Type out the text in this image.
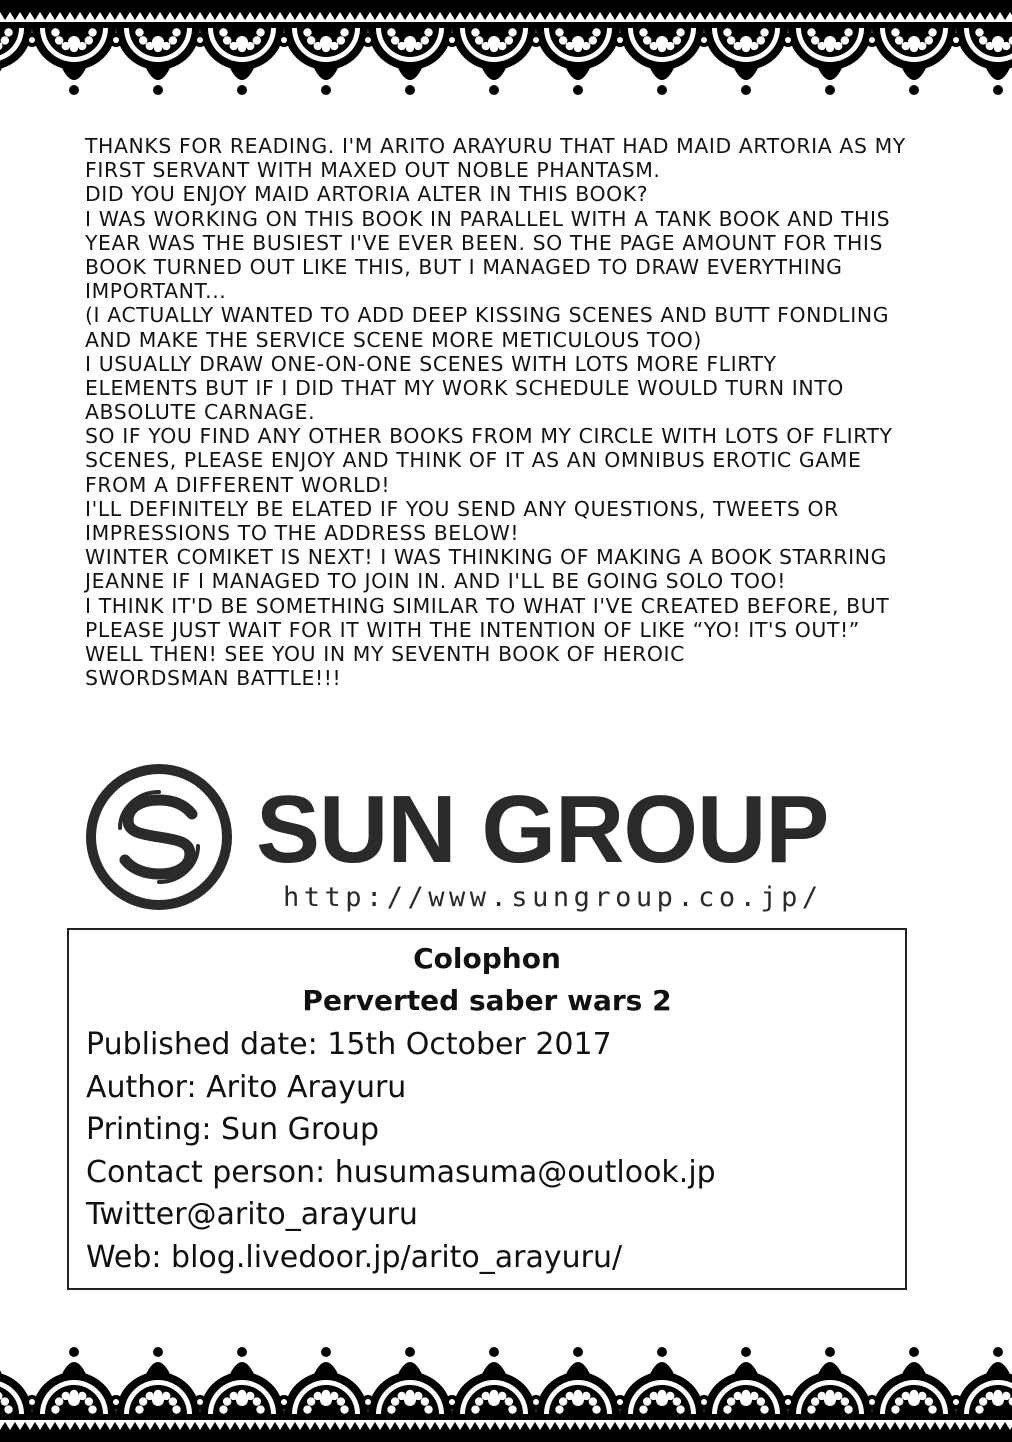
THANKS FOR READING. I'M ARITO ARAYURU THAT HAD MAID ARTORIA AS MY
FIRST SERVANT WITH MAXED OUT NOBLE PHANTASM.
DID YOU ENJOY MAID ARTORIA ALTER IN THIS BOOK?
I WAS WORKING ON THIS BOOK IN PARALLEL WITH A TANK BOOK AND THIS
YEAR WAS THE BUSIEST I'VE EVER BEEN. SO THE PAGE AMOUNT FOR THIS
BOOK TURNED OUT LIKE THIS, BUT I MANAGED TO DRAW EVERYTHING
IMPORTANT...
(I ACTUALLY WANTED TO ADD DEEP KISSING SCENES AND BUTT FONDLING
AND MAKE THE SERVICE SCENE MORE METICULOUS TOO)
I USUALLY DRAW ONE-ON-ONE SCENES WITH LOTS MORE FLIRTY
ELEMENTS BUT IF I DID THAT MY WORK SCHEDULE WOULD TURN INTO
ABSOLUTE CARNAGE.
SO IF YOU FIND ANY OTHER BOOKS FROM MY CIRCLE WITH LOTS OF FLIRTY
SCENES, PLEASE ENJOY AND THINK OF IT AS AN OMNIBUS EROTIC GAME
FROM A DIFFERENT WORLD!
I'LL DEFINITELY BE ELATED IF YOU SEND ANY QUESTIONS, TWEETS OR
IMPRESSIONS TO THE ADDRESS BELOW!
WINTER COMIKET IS NEXT! I WAS THINKING OF MAKING A BOOK STARRING
JEANNE IF I MANAGED TO JOIN IN. AND I'LL BE GOING SOLO TOO!
I THINK IT'D BE SOMETHING SIMILAR TO WHAT I'VE CREATED BEFORE, BUT
PLEASE JUST WAIT FOR IT WITH THE INTENTION OF LIKE “YO! IT'S OUT!”
WELL THEN! SEE YOU IN MY SEVENTH BOOK OF HEROIC
SWORDSMAN BATTLE!!!
SUN GROUP
http://www.sungroup.co.jp/
Colophon
Perverted saber wars 2
Published date: 15th October 2017
Author: Arito Arayuru
Printing: Sun Group
Contact person: husumasuma@outlook.jp
Twitter@arito_arayuru
Web: blog.livedoor.jp/arito_arayuru/
